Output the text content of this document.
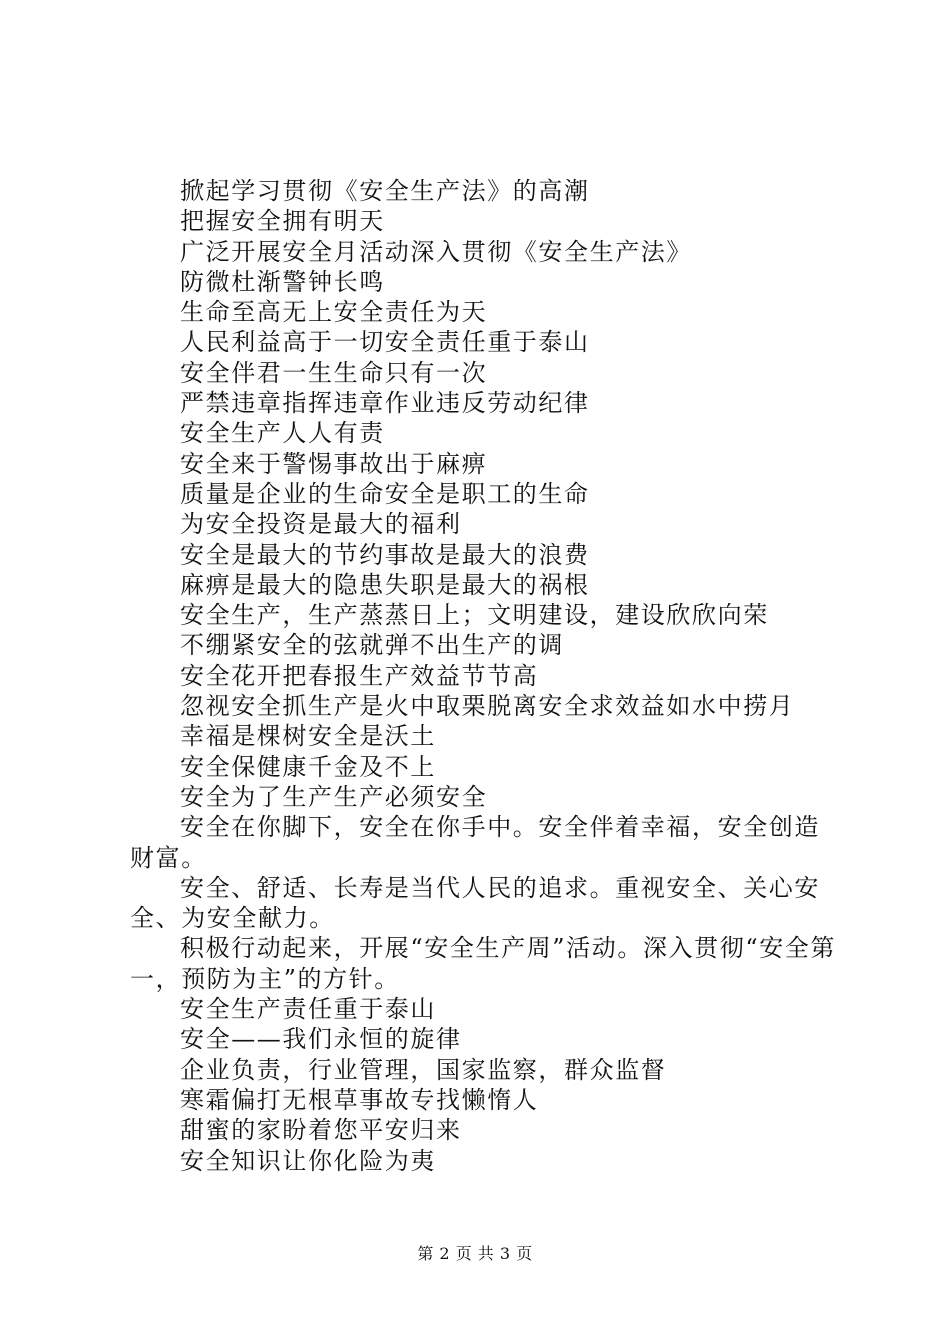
掀起学习贯彻《安全生产法》的高潮
把握安全拥有明天
广泛开展安全月活动深入贯彻《安全生产法》
防微杜渐警钟长鸣
生命至高无上安全责任为天
人民利益高于一切安全责任重于泰山
安全伴君一生生命只有一次
严禁违章指挥违章作业违反劳动纪律
安全生产人人有责
安全来于警惕事故出于麻痹
质量是企业的生命安全是职工的生命
为安全投资是最大的福利
安全是最大的节约事故是最大的浪费
麻痹是最大的隐患失职是最大的祸根
安全生产，生产蒸蒸日上；文明建设，建设欣欣向荣
不绷紧安全的弦就弹不出生产的调
安全花开把春报生产效益节节高
忽视安全抓生产是火中取栗脱离安全求效益如水中捞月
幸福是棵树安全是沃土
安全保健康千金及不上
安全为了生产生产必须安全

安全在你脚下，安全在你手中。安全伴着幸福，安全创造财富。

安全、舒适、长寿是当代人民的追求。重视安全、关心安全、为安全献力。

积极行动起来，开展“安全生产周”活动。深入贯彻“安全第一，预防为主”的方针。

安全生产责任重于泰山
安全——我们永恒的旋律
企业负责，行业管理，国家监察，群众监督
寒霜偏打无根草事故专找懒惰人
甜蜜的家盼着您平安归来
安全知识让你化险为夷
第 2 页 共 3 页
